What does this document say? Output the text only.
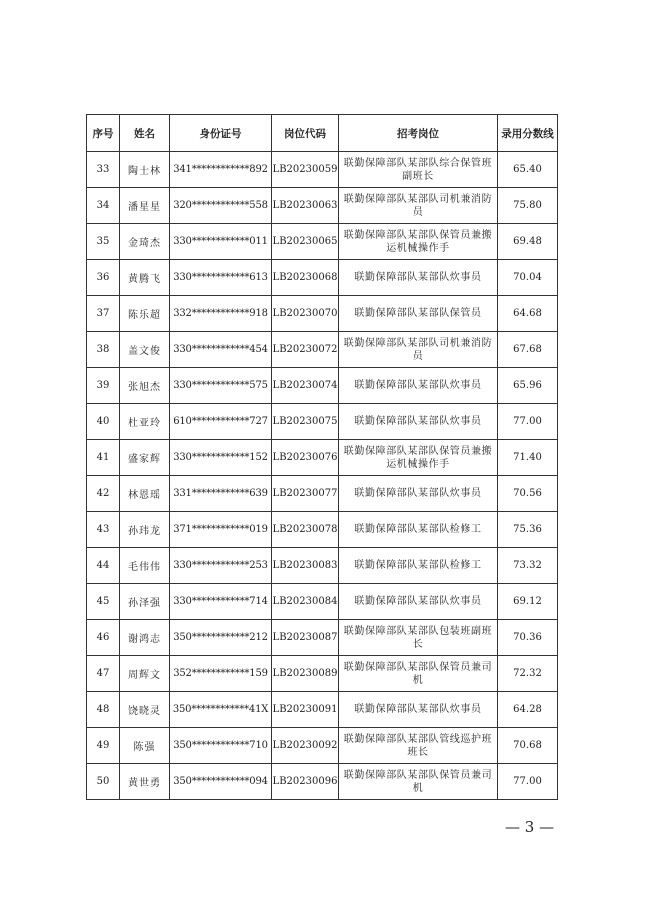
序号	姓名	身份证号	岗位代码	招考岗位	录用分数线
33	陶士林	341************892	LB20230059	联勤保障部队某部队综合保管班副班长	65.40
34	潘星星	320************558	LB20230063	联勤保障部队某部队司机兼消防员	75.80
35	金琦杰	330************011	LB20230065	联勤保障部队某部队保管员兼搬运机械操作手	69.48
36	黄腾飞	330************613	LB20230068	联勤保障部队某部队炊事员	70.04
37	陈乐超	332************918	LB20230070	联勤保障部队某部队保管员	64.68
38	盖文俊	330************454	LB20230072	联勤保障部队某部队司机兼消防员	67.68
39	张旭杰	330************575	LB20230074	联勤保障部队某部队炊事员	65.96
40	杜亚玲	610************727	LB20230075	联勤保障部队某部队炊事员	77.00
41	盛家辉	330************152	LB20230076	联勤保障部队某部队保管员兼搬运机械操作手	71.40
42	林恩瑶	331************639	LB20230077	联勤保障部队某部队炊事员	70.56
43	孙玮龙	371************019	LB20230078	联勤保障部队某部队检修工	75.36
44	毛伟伟	330************253	LB20230083	联勤保障部队某部队检修工	73.32
45	孙泽强	330************714	LB20230084	联勤保障部队某部队炊事员	69.12
46	谢鸿志	350************212	LB20230087	联勤保障部队某部队包装班副班长	70.36
47	周辉文	352************159	LB20230089	联勤保障部队某部队保管员兼司机	72.32
48	饶晓灵	350************41X	LB20230091	联勤保障部队某部队炊事员	64.28
49	陈强	350************710	LB20230092	联勤保障部队某部队管线巡护班班长	70.68
50	黄世勇	350************094	LB20230096	联勤保障部队某部队保管员兼司机	77.00
— 3 —
